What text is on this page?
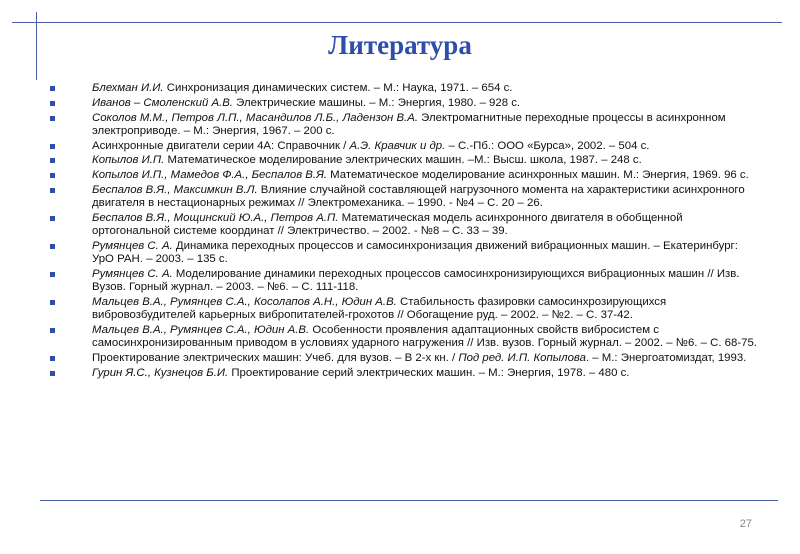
Литература
Блехман И.И. Синхронизация динамических систем. – М.: Наука, 1971. – 654 с.
Иванов – Смоленский А.В. Электрические машины. – М.: Энергия, 1980. – 928 с.
Соколов М.М., Петров Л.П., Масандилов Л.Б., Ладензон В.А. Электромагнитные переходные процессы в асинхронном электроприводе. – М.: Энергия, 1967. – 200 с.
Асинхронные двигатели серии 4А: Справочник / А.Э. Кравчик и др. – С.-Пб.: ООО «Бурса», 2002. – 504 с.
Копылов И.П. Математическое моделирование электрических машин. –М.: Высш. школа, 1987. – 248 с.
Копылов И.П., Мамедов Ф.А., Беспалов В.Я. Математическое моделирование асинхронных машин. М.: Энергия, 1969. 96 с.
Беспалов В.Я., Максимкин В.Л. Влияние случайной составляющей нагрузочного момента на характеристики асинхронного двигателя в нестационарных режимах // Электромеханика. – 1990. - №4 – С. 20 – 26.
Беспалов В.Я., Мощинский Ю.А., Петров А.П. Математическая модель асинхронного двигателя в обобщенной ортогональной системе координат // Электричество. – 2002. - №8 – С. 33 – 39.
Румянцев С. А. Динамика переходных процессов и самосинхронизация движений вибрационных машин. – Екатеринбург: УрО РАН. – 2003. – 135 с.
Румянцев С. А. Моделирование динамики переходных процессов самосинхронизирующихся вибрационных машин // Изв. Вузов. Горный журнал. – 2003. – №6. – С. 111-118.
Мальцев В.А., Румянцев С.А., Косолапов А.Н., Юдин А.В. Стабильность фазировки самосинхрозирующихся вибровозбудителей карьерных вибропитателей-грохотов // Обогащение руд. – 2002. – №2. – С. 37-42.
Мальцев В.А., Румянцев С.А., Юдин А.В. Особенности проявления адаптационных свойств вибросистем с самосинхронизированным приводом в условиях ударного нагружения // Изв. вузов. Горный журнал. – 2002. – №6. – С. 68-75.
Проектирование электрических машин: Учеб. для вузов. – В 2-х кн. / Под ред. И.П. Копылова. – М.: Энергоатомиздат, 1993.
Гурин Я.С., Кузнецов Б.И. Проектирование серий электрических машин. – М.: Энергия, 1978. – 480 с.
27
